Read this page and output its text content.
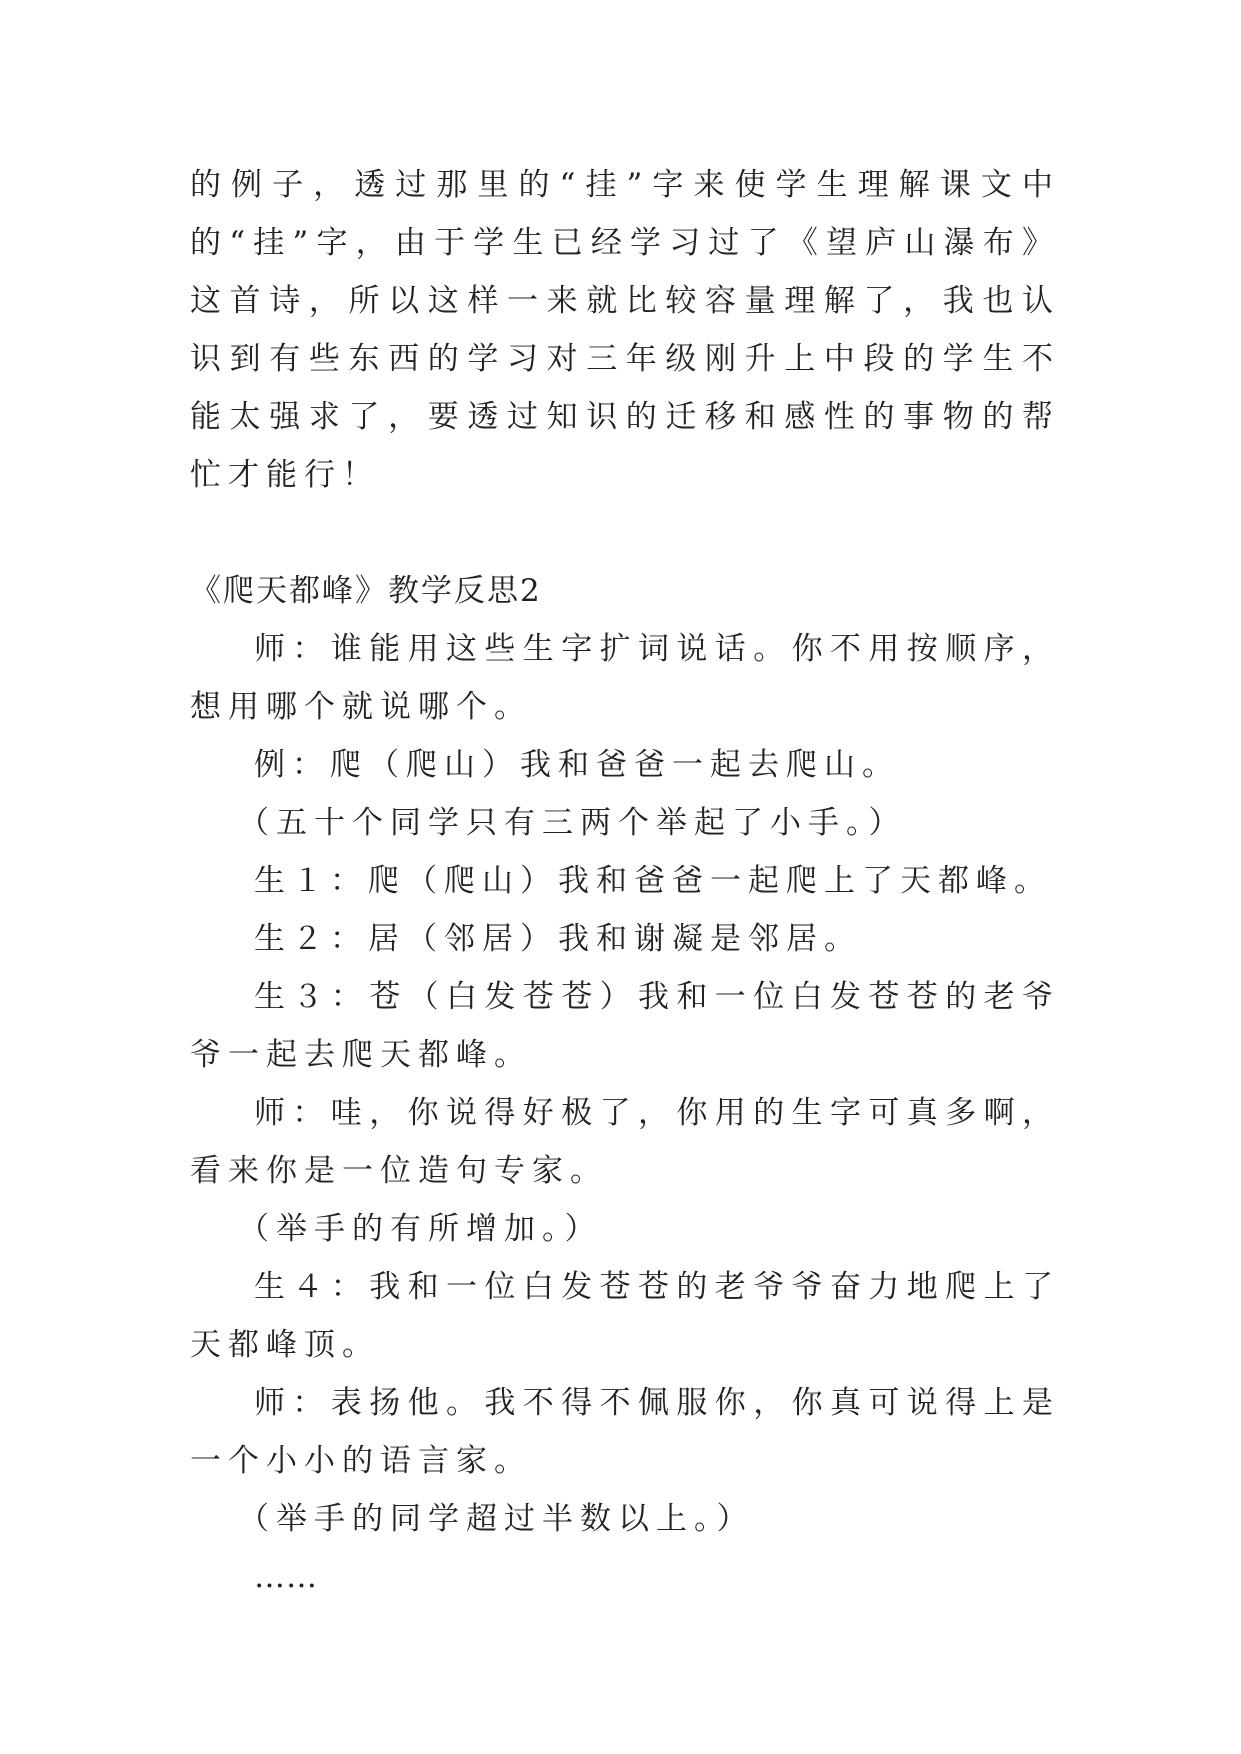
的例子，透过那里的“挂”字来使学生理解课文中的“挂”字，由于学生已经学习过了《望庐山瀑布》这首诗，所以这样一来就比较容量理解了，我也认识到有些东西的学习对三年级刚升上中段的学生不能太强求了，要透过知识的迁移和感性的事物的帮忙才能行！

《爬天都峰》教学反思2

师：谁能用这些生字扩词说话。你不用按顺序，想用哪个就说哪个。

例：爬（爬山）我和爸爸一起去爬山。

（五十个同学只有三两个举起了小手。）

生１：爬（爬山）我和爸爸一起爬上了天都峰。

生２：居（邻居）我和谢凝是邻居。

生３：苍（白发苍苍）我和一位白发苍苍的老爷爷一起去爬天都峰。

师：哇，你说得好极了，你用的生字可真多啊，看来你是一位造句专家。

（举手的有所增加。）

生４：我和一位白发苍苍的老爷爷奋力地爬上了天都峰顶。

师：表扬他。我不得不佩服你，你真可说得上是一个小小的语言家。

（举手的同学超过半数以上。）

……
